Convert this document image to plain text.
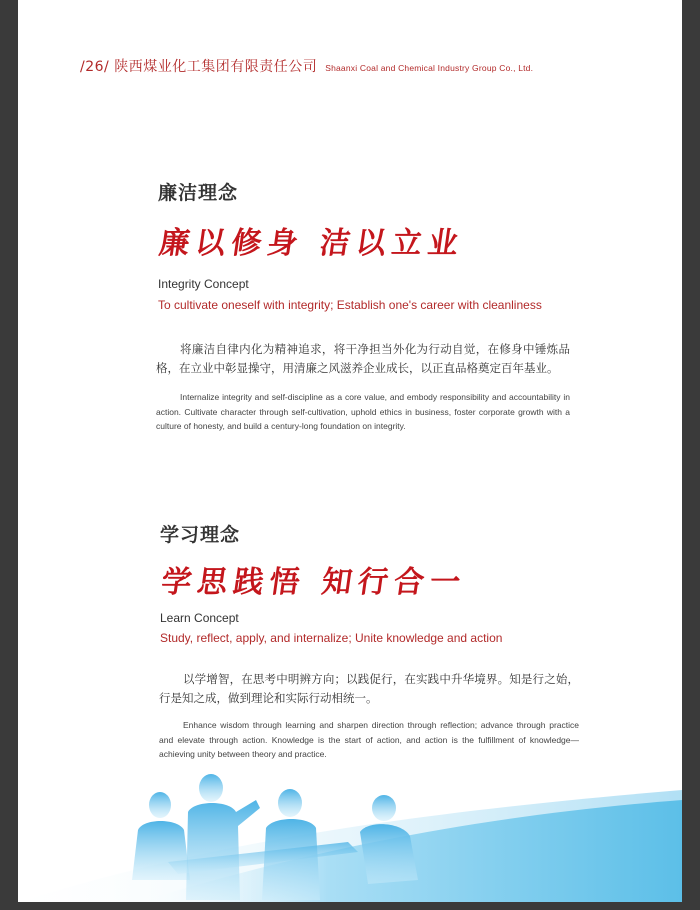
/26/ 陕西煤业化工集团有限责任公司 Shaanxi Coal and Chemical Industry Group Co., Ltd.
廉洁理念
廉以修身 洁以立业
Integrity Concept
To cultivate oneself with integrity; Establish one's career with cleanliness
将廉洁自律内化为精神追求，将干净担当外化为行动自觉，在修身中锤炼品格，在立业中彰显操守，用清廉之风滋养企业成长，以正直品格奠定百年基业。
Internalize integrity and self-discipline as a core value, and embody responsibility and accountability in action. Cultivate character through self-cultivation, uphold ethics in business, foster corporate growth with a culture of honesty, and build a century-long foundation on integrity.
学习理念
学思践悟 知行合一
Learn Concept
Study, reflect, apply, and internalize; Unite knowledge and action
以学增智，在思考中明辨方向；以践促行，在实践中升华境界。知是行之始，行是知之成，做到理论和实际行动相统一。
Enhance wisdom through learning and sharpen direction through reflection; advance through practice and elevate through action. Knowledge is the start of action, and action is the fulfillment of knowledge—achieving unity between theory and practice.
